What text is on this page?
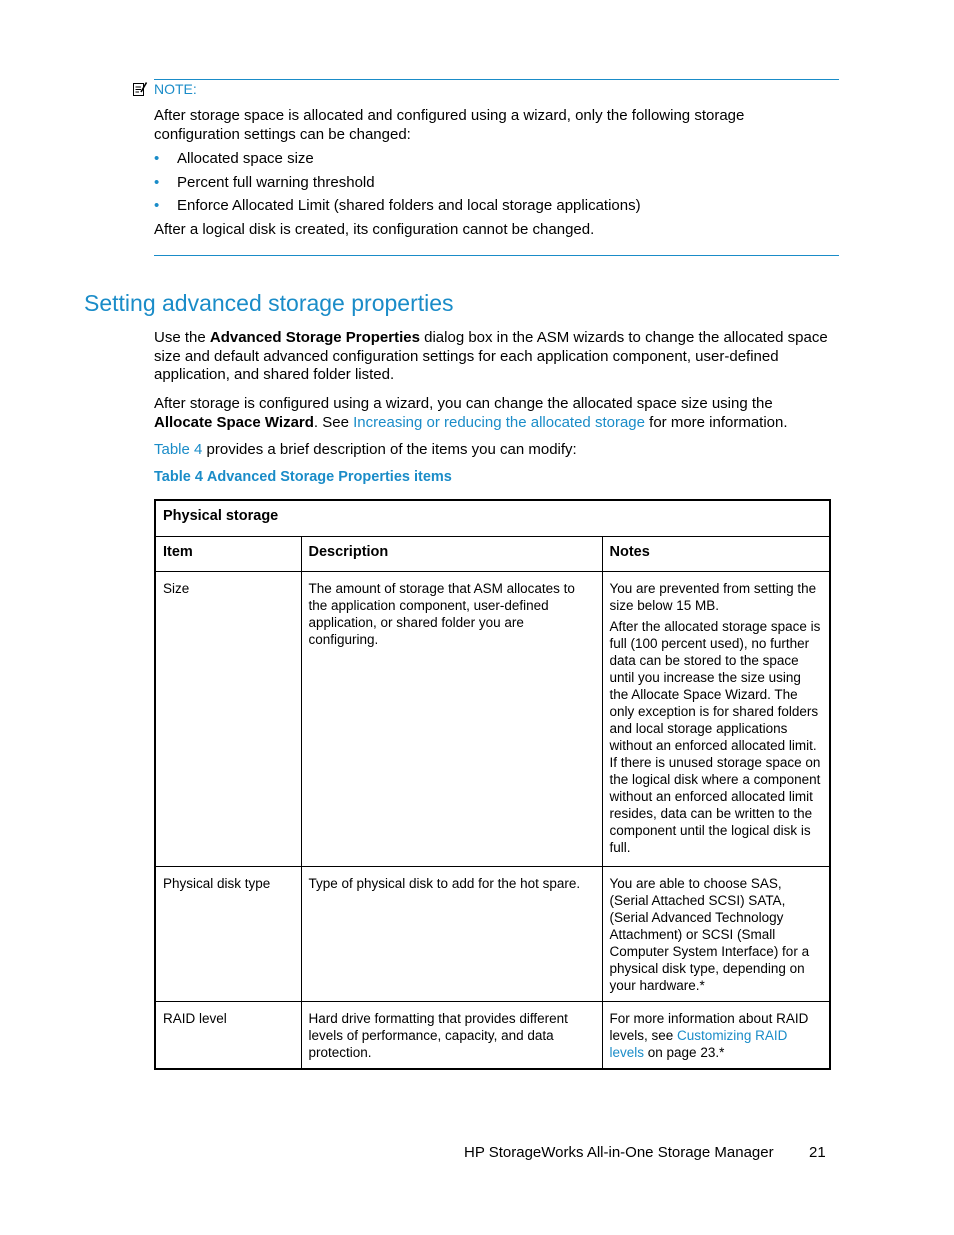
NOTE:
After storage space is allocated and configured using a wizard, only the following storage configuration settings can be changed:
• Allocated space size
• Percent full warning threshold
• Enforce Allocated Limit (shared folders and local storage applications)
After a logical disk is created, its configuration cannot be changed.
Setting advanced storage properties
Use the Advanced Storage Properties dialog box in the ASM wizards to change the allocated space size and default advanced configuration settings for each application component, user-defined application, and shared folder listed.
After storage is configured using a wizard, you can change the allocated space size using the Allocate Space Wizard. See Increasing or reducing the allocated storage for more information.
Table 4 provides a brief description of the items you can modify:
Table 4 Advanced Storage Properties items
Physical storage		
Item	Description	Notes
Size	The amount of storage that ASM allocates to the application component, user-defined application, or shared folder you are configuring.	You are prevented from setting the size below 15 MB.

After the allocated storage space is full (100 percent used), no further data can be stored to the space until you increase the size using the Allocate Space Wizard. The only exception is for shared folders and local storage applications without an enforced allocated limit. If there is unused storage space on the logical disk where a component without an enforced allocated limit resides, data can be written to the component until the logical disk is full.

Physical disk type	Type of physical disk to add for the hot spare.	You are able to choose SAS, (Serial Attached SCSI) SATA, (Serial Advanced Technology Attachment) or SCSI (Small Computer System Interface) for a physical disk type, depending on your hardware.*

RAID level	Hard drive formatting that provides different levels of performance, capacity, and data protection.	For more information about RAID levels, see Customizing RAID levels on page 23.*
HP StorageWorks All-in-One Storage Manager 21
